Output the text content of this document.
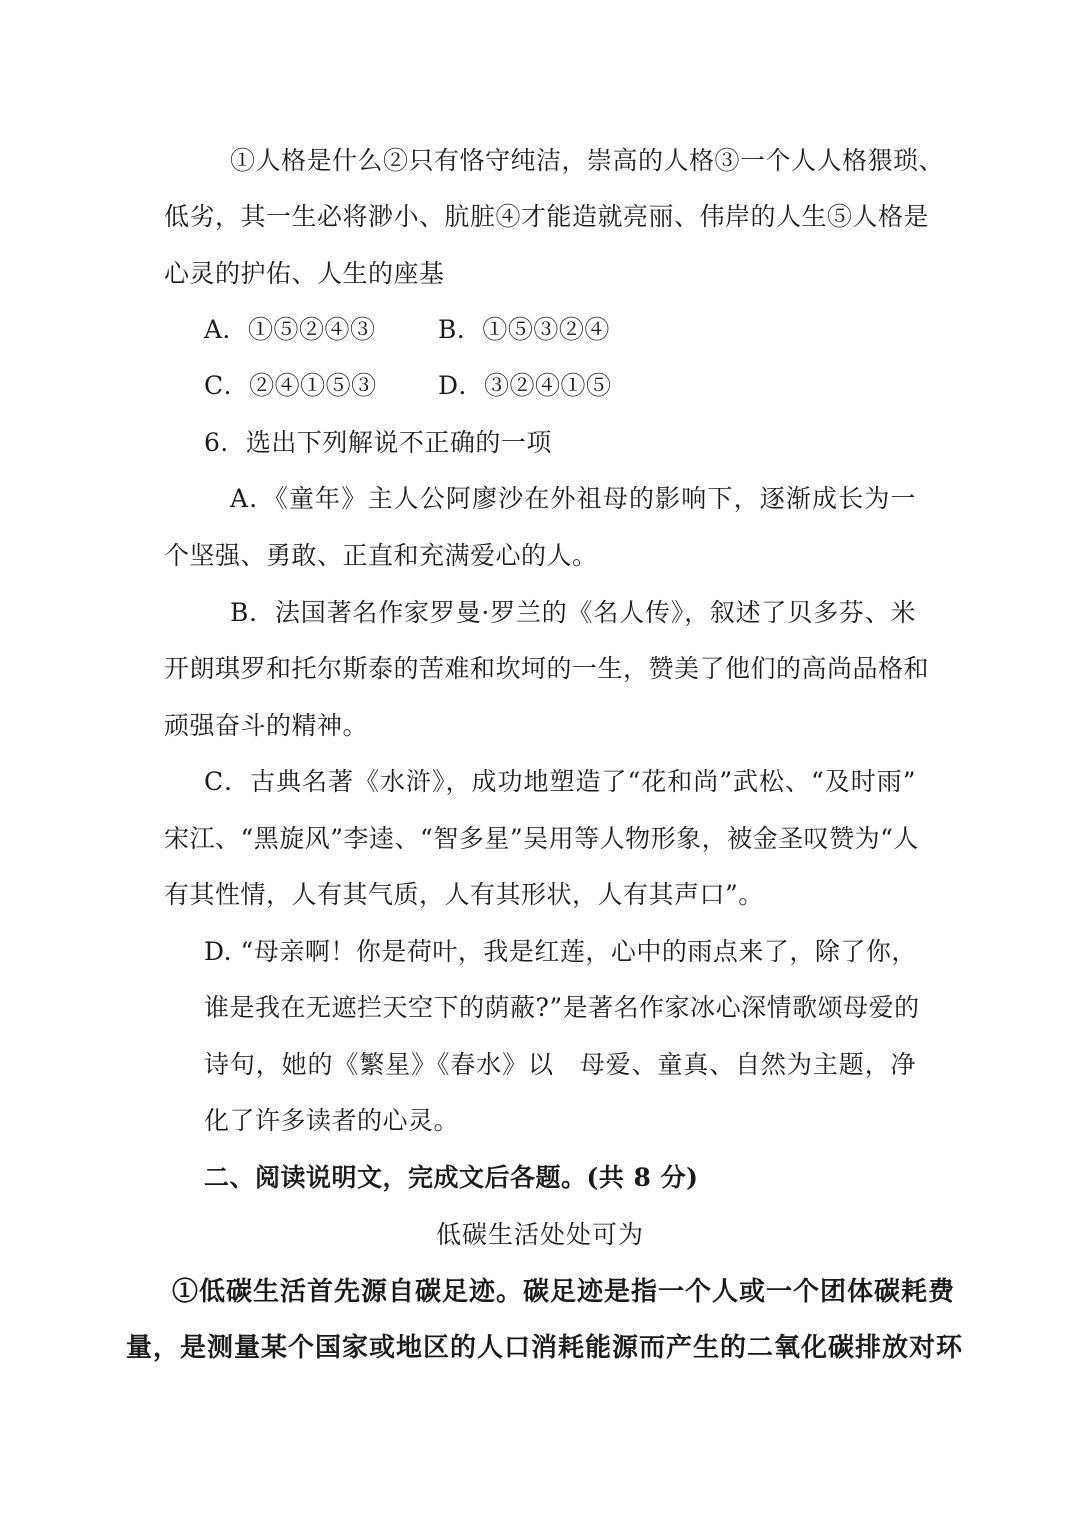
①人格是什么②只有恪守纯洁，崇高的人格③一个人人格猥琐、
低劣，其一生必将渺小、肮脏④才能造就亮丽、伟岸的人生⑤人格是
心灵的护佑、人生的座基
A．①⑤②④③ B．①⑤③②④
C．②④①⑤③ D．③②④①⑤
6．选出下列解说不正确的一项
A．《童年》主人公阿廖沙在外祖母的影响下，逐渐成长为一
个坚强、勇敢、正直和充满爱心的人。
B．法国著名作家罗曼·罗兰的《名人传》，叙述了贝多芬、米
开朗琪罗和托尔斯泰的苦难和坎坷的一生，赞美了他们的高尚品格和
顽强奋斗的精神。
C．古典名著《水浒》，成功地塑造了“花和尚”武松、“及时雨”
宋江、“黑旋风”李逵、“智多星”吴用等人物形象，被金圣叹赞为“人
有其性情，人有其气质，人有其形状，人有其声口”。
D. “母亲啊！你是荷叶，我是红莲，心中的雨点来了，除了你，
谁是我在无遮拦天空下的荫蔽?”是著名作家冰心深情歌颂母爱的
诗句，她的《繁星》《春水》以　母爱、童真、自然为主题，净
化了许多读者的心灵。
二、阅读说明文，完成文后各题。(共 8 分)
低碳生活处处可为
①低碳生活首先源自碳足迹。碳足迹是指一个人或一个团体碳耗费
量，是测量某个国家或地区的人口消耗能源而产生的二氧化碳排放对环
